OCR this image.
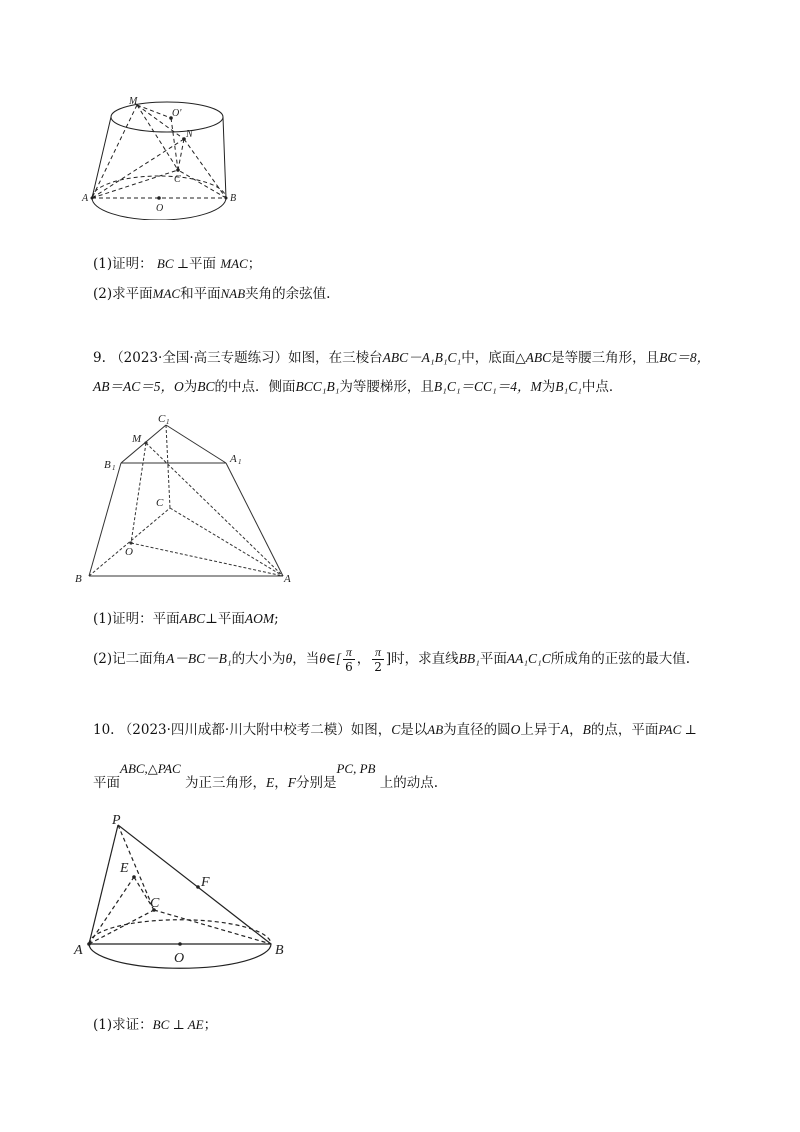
M
O'
N
C
A
O
B
(1)证明： BC ⊥平面 MAC；
(2)求平面MAC和平面NAB夹角的余弦值.
9. （2023·全国·高三专题练习）如图，在三棱台ABC－A₁B₁C₁中，底面△ABC是等腰三角形，且BC＝8，
AB＝AC＝5，O为BC的中点．侧面BCC₁B₁为等腰梯形，且B₁C₁＝CC₁＝4，M为B₁C₁中点．
C 1
M
B 1
A 1
C
O
B	A
(1)证明：平面ABC⊥平面AOM;
(2)记二面角A－BC－B₁的大小为θ，当θ∈[ $\frac{\pi}{6}$ ， $\frac{\pi}{2}$ ]时，求直线BB₁平面AA₁C₁C所成角的正弦的最大值.
10. （2023·四川成都·川大附中校考二模）如图，C是以AB为直径的圆O上异于A，B的点，平面PAC ⊥
平面ABC,△PAC 为正三角形，E，F分别是PC, PB 上的动点.
P
E
F
C
A
O
B
(1)求证：BC ⊥ AE；
